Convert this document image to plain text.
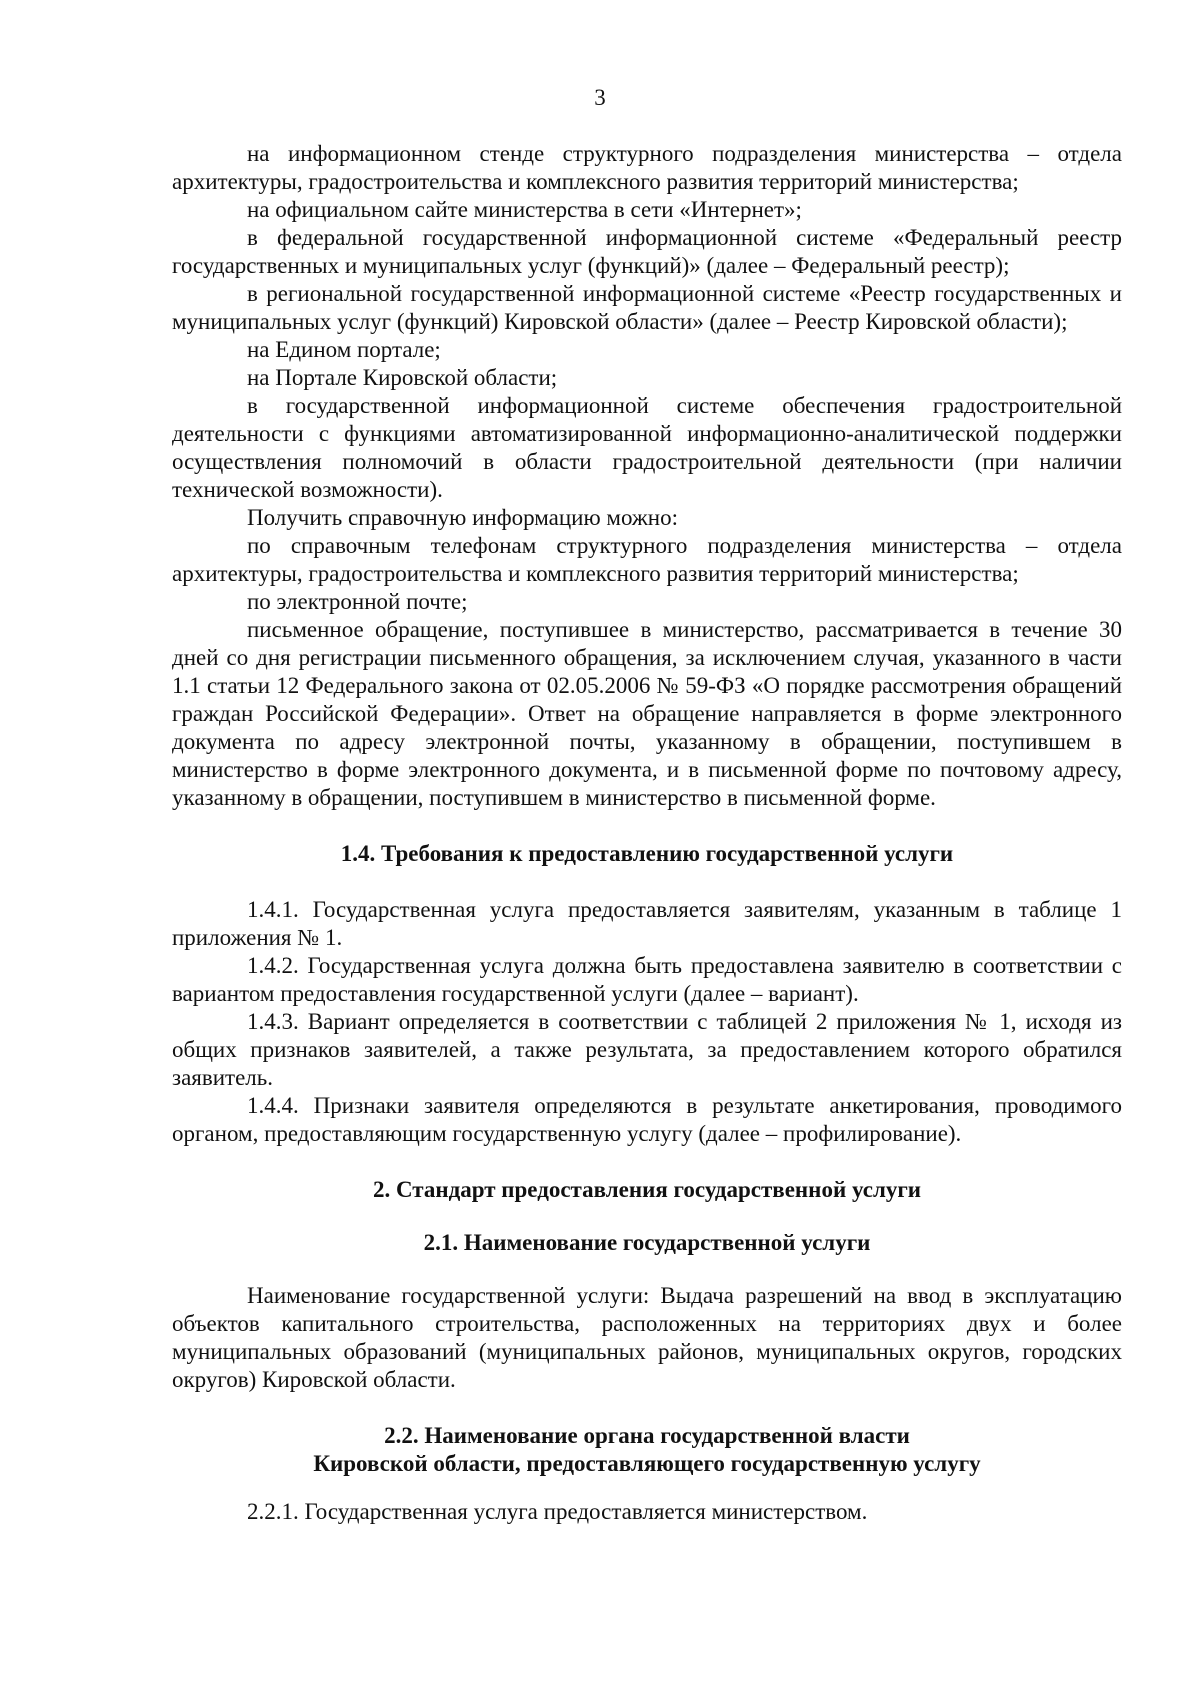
3

на информационном стенде структурного подразделения министерства – отдела архитектуры, градостроительства и комплексного развития территорий министерства;

на официальном сайте министерства в сети «Интернет»;

в федеральной государственной информационной системе «Федеральный реестр государственных и муниципальных услуг (функций)» (далее – Федеральный реестр);

в региональной государственной информационной системе «Реестр государственных и муниципальных услуг (функций) Кировской области» (далее – Реестр Кировской области);

на Едином портале;

на Портале Кировской области;

в государственной информационной системе обеспечения градостроительной деятельности с функциями автоматизированной информационно-аналитической поддержки осуществления полномочий в области градостроительной деятельности (при наличии технической возможности).

Получить справочную информацию можно:

по справочным телефонам структурного подразделения министерства – отдела архитектуры, градостроительства и комплексного развития территорий министерства;

по электронной почте;

письменное обращение, поступившее в министерство, рассматривается в течение 30 дней со дня регистрации письменного обращения, за исключением случая, указанного в части 1.1 статьи 12 Федерального закона от 02.05.2006 № 59-ФЗ «О порядке рассмотрения обращений граждан Российской Федерации». Ответ на обращение направляется в форме электронного документа по адресу электронной почты, указанному в обращении, поступившем в министерство в форме электронного документа, и в письменной форме по почтовому адресу, указанному в обращении, поступившем в министерство в письменной форме.

1.4. Требования к предоставлению государственной услуги

1.4.1. Государственная услуга предоставляется заявителям, указанным в таблице 1 приложения № 1.

1.4.2. Государственная услуга должна быть предоставлена заявителю в соответствии с вариантом предоставления государственной услуги (далее – вариант).

1.4.3. Вариант определяется в соответствии с таблицей 2 приложения № 1, исходя из общих признаков заявителей, а также результата, за предоставлением которого обратился заявитель.

1.4.4. Признаки заявителя определяются в результате анкетирования, проводимого органом, предоставляющим государственную услугу (далее – профилирование).

2. Стандарт предоставления государственной услуги

2.1. Наименование государственной услуги

Наименование государственной услуги: Выдача разрешений на ввод в эксплуатацию объектов капитального строительства, расположенных на территориях двух и более муниципальных образований (муниципальных районов, муниципальных округов, городских округов) Кировской области.

2.2. Наименование органа государственной власти

Кировской области, предоставляющего государственную услугу

2.2.1. Государственная услуга предоставляется министерством.
